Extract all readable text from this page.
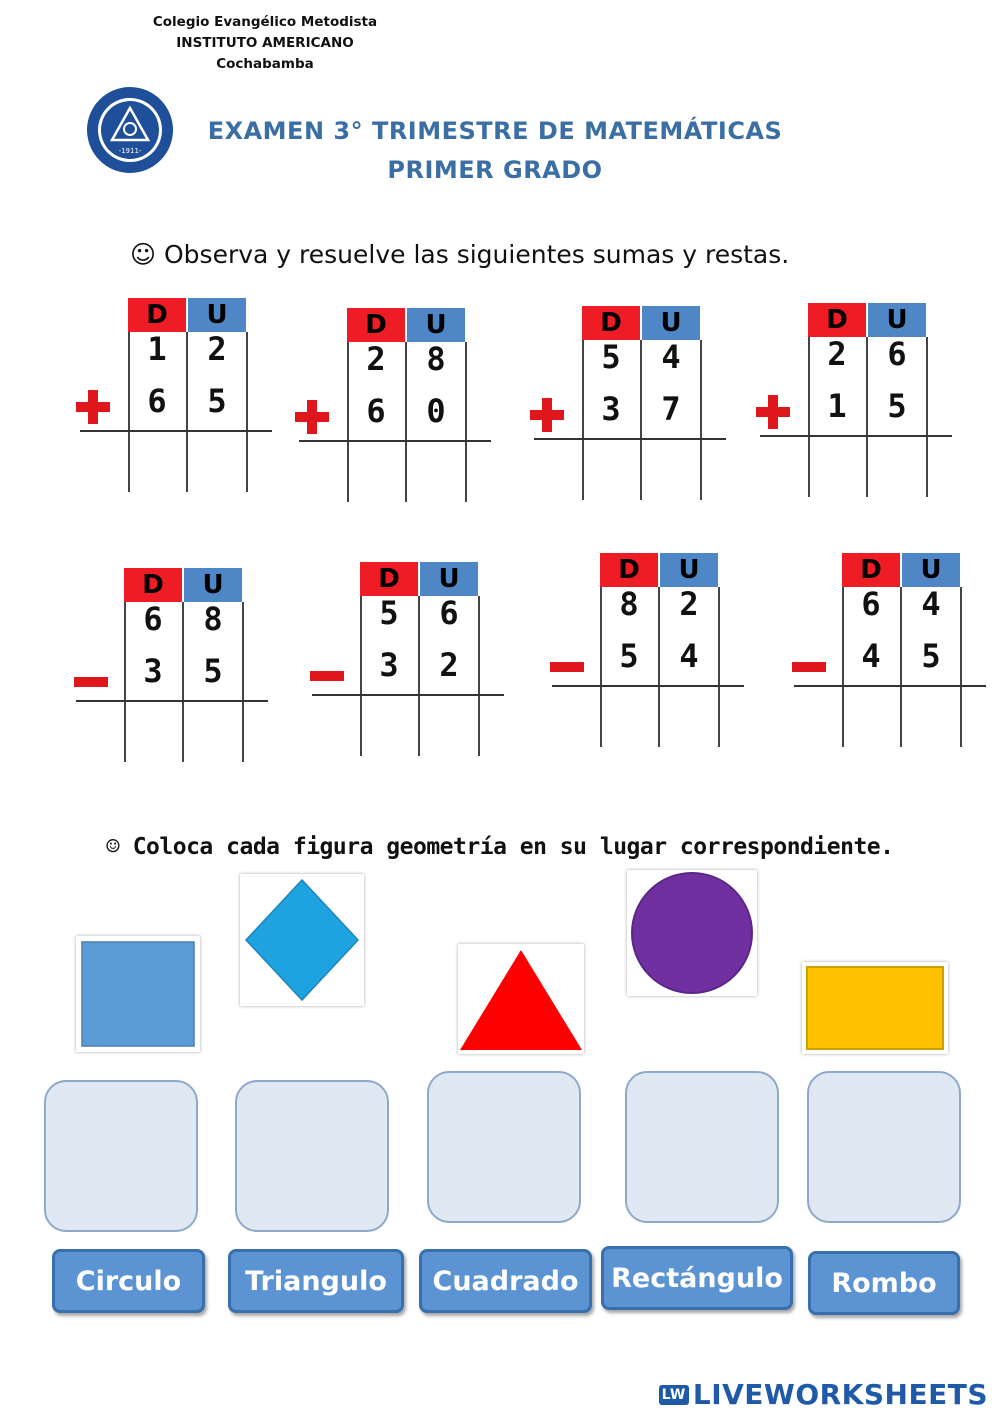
Colegio Evangélico Metodista
INSTITUTO AMERICANO
Cochabamba
-1911-
EXAMEN 3° TRIMESTRE DE MATEMÁTICAS
PRIMER GRADO
☺ Observa y resuelve las siguientes sumas y restas.
D	U
1	2
6	5
D	U
2	8
6	0
D	U
5	4
3	7
D	U
2	6
1	5
D	U
6	8
3	5
D	U
5	6
3	2
D	U
8	2
5	4
D	U
6	4
4	5
☺ Coloca cada figura geometría en su lugar correspondiente.
Circulo	Triangulo	Cuadrado	Rectángulo	Rombo
LW LIVEWORKSHEETS
